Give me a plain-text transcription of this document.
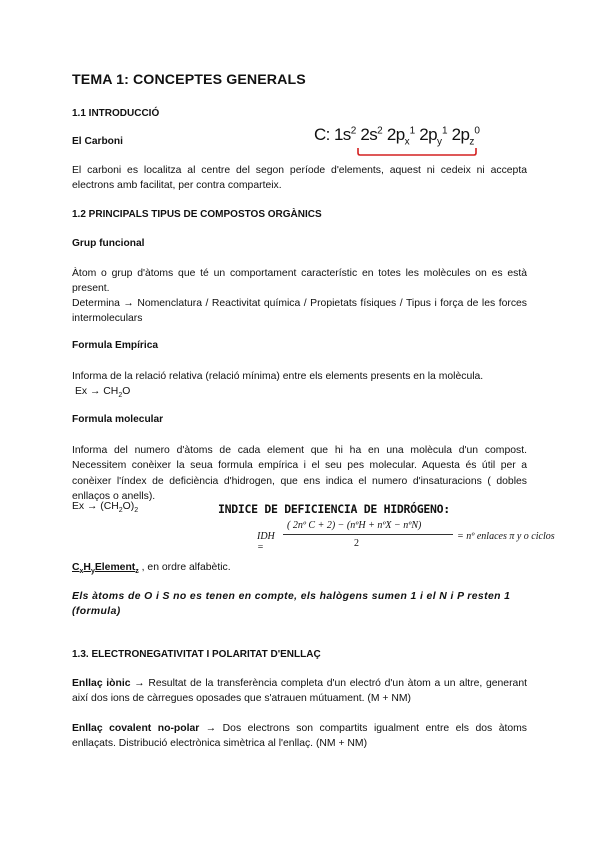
TEMA 1: CONCEPTES GENERALS
1.1 INTRODUCCIÓ
El Carboni	C: $1s^2$ $2s^2$ $2p_x^1$ $2p_y^1$ $2p_z^0$
El carboni es localitza al centre del segon període d'elements, aquest ni cedeix ni accepta electrons amb facilitat, per contra comparteix.
1.2 PRINCIPALS TIPUS DE COMPOSTOS ORGÀNICS
Grup funcional
Àtom o grup d'àtoms que té un comportament característic en totes les molècules on es està present.
Determina → Nomenclatura / Reactivitat química / Propietats físiques / Tipus i força de les forces intermoleculars
Formula Empírica
Informa de la relació relativa (relació mínima) entre els elements presents en la molècula.
$Ex \to CH_2O$
Formula molecular
Informa del numero d'àtoms de cada element que hi ha en una molècula d'un compost. Necessitem conèixer la seua formula empírica i el seu pes molecular. Aquesta és útil per a conèixer l'índex de deficiència d'hidrogen, que ens indica el numero d'insaturacions ( dobles enllaços o anells).
$Ex \to (CH_2O)_2$	INDICE DE DEFICIENCIA DE HIDRÓGENO:
IDH =
( 2nº C + 2) − (nºH + nºX − nºN)
2
= nº enlaces π y o ciclos
$C_xH_yElement_z$ , en ordre alfabètic.
Els àtoms de O i S no es tenen en compte, els halògens sumen 1 i el N i P resten 1 (formula)
1.3. ELECTRONEGATIVITAT I POLARITAT D'ENLLAÇ
Enllaç iònic → Resultat de la transferència completa d'un electró d'un àtom a un altre, generant així dos ions de càrregues oposades que s'atrauen mútuament. (M + NM)
Enllaç covalent no-polar → Dos electrons son compartits igualment entre els dos àtoms enllaçats. Distribució electrònica simètrica al l'enllaç. (NM + NM)
